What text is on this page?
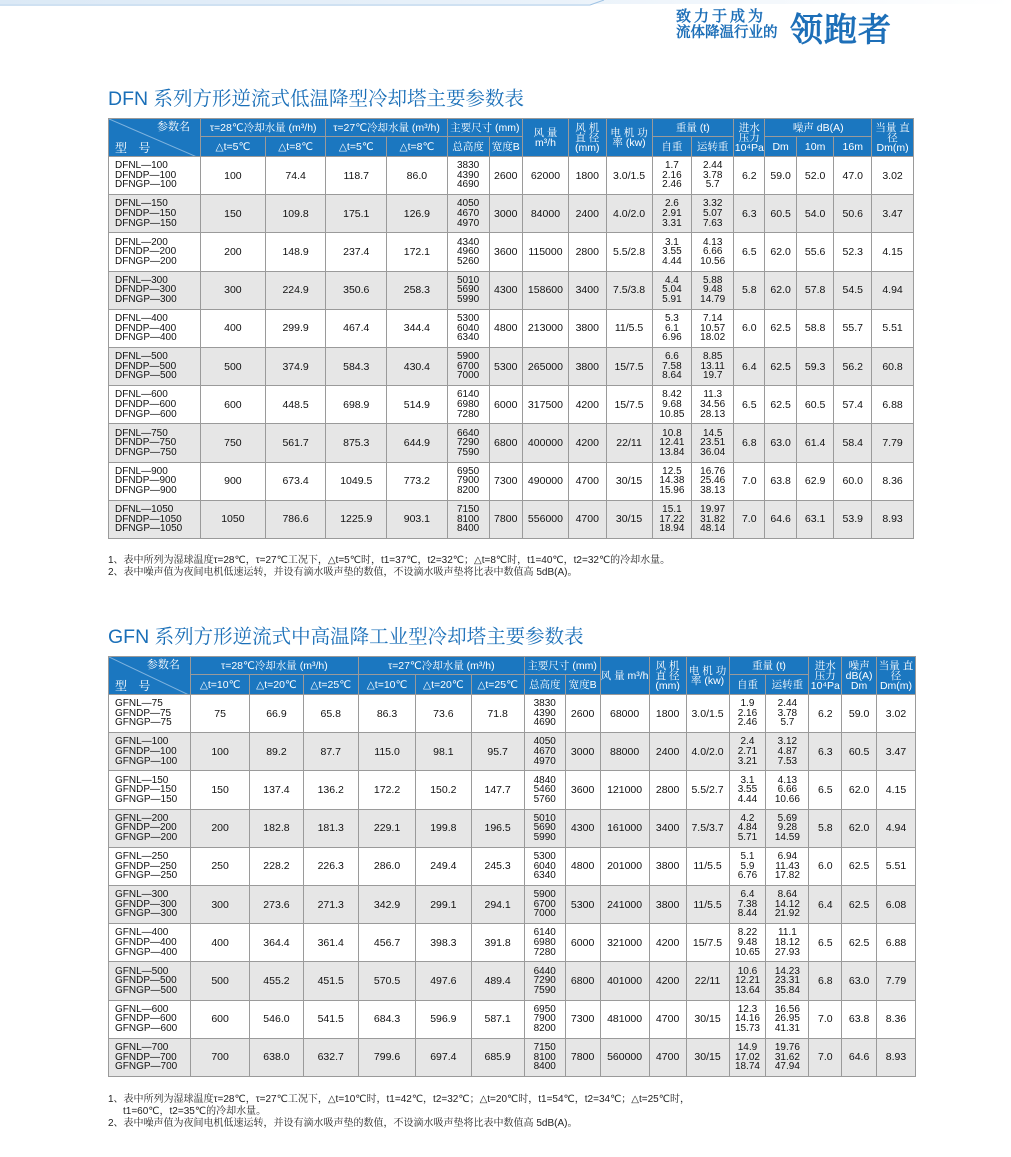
致力于成为
流体降温行业的 领跑者
DFN 系列方形逆流式低温降型冷却塔主要参数表
参数名
型 号	τ=28℃冷却水量 (m³/h)		τ=27℃冷却水量 (m³/h)		主要尺寸 (mm)		风 量 m³/h	风 机 直 径 (mm)	电 机 功 率 (kw)	重量 (t)		进水 压力 10⁴Pa	噪声 dB(A)			当量 直径 Dm(m)
	△t=5℃	△t=8℃	△t=5℃	△t=8℃	总高度	宽度B				自重	运转重		Dm	10m	16m	
DFNL—100
DFNDP—100
DFNGP—100	100	74.4	118.7	86.0	3830
4390
4690	2600	62000	1800	3.0/1.5	1.7
2.16
2.46	2.44
3.78
5.7	6.2	59.0	52.0	47.0	3.02
DFNL—150
DFNDP—150
DFNGP—150	150	109.8	175.1	126.9	4050
4670
4970	3000	84000	2400	4.0/2.0	2.6
2.91
3.31	3.32
5.07
7.63	6.3	60.5	54.0	50.6	3.47
DFNL—200
DFNDP—200
DFNGP—200	200	148.9	237.4	172.1	4340
4960
5260	3600	115000	2800	5.5/2.8	3.1
3.55
4.44	4.13
6.66
10.56	6.5	62.0	55.6	52.3	4.15
DFNL—300
DFNDP—300
DFNGP—300	300	224.9	350.6	258.3	5010
5690
5990	4300	158600	3400	7.5/3.8	4.4
5.04
5.91	5.88
9.48
14.79	5.8	62.0	57.8	54.5	4.94
DFNL—400
DFNDP—400
DFNGP—400	400	299.9	467.4	344.4	5300
6040
6340	4800	213000	3800	11/5.5	5.3
6.1
6.96	7.14
10.57
18.02	6.0	62.5	58.8	55.7	5.51
DFNL—500
DFNDP—500
DFNGP—500	500	374.9	584.3	430.4	5900
6700
7000	5300	265000	3800	15/7.5	6.6
7.58
8.64	8.85
13.11
19.7	6.4	62.5	59.3	56.2	60.8
DFNL—600
DFNDP—600
DFNGP—600	600	448.5	698.9	514.9	6140
6980
7280	6000	317500	4200	15/7.5	8.42
9.68
10.85	11.3
34.56
28.13	6.5	62.5	60.5	57.4	6.88
DFNL—750
DFNDP—750
DFNGP—750	750	561.7	875.3	644.9	6640
7290
7590	6800	400000	4200	22/11	10.8
12.41
13.84	14.5
23.51
36.04	6.8	63.0	61.4	58.4	7.79
DFNL—900
DFNDP—900
DFNGP—900	900	673.4	1049.5	773.2	6950
7900
8200	7300	490000	4700	30/15	12.5
14.38
15.96	16.76
25.46
38.13	7.0	63.8	62.9	60.0	8.36
DFNL—1050
DFNDP—1050
DFNGP—1050	1050	786.6	1225.9	903.1	7150
8100
8400	7800	556000	4700	30/15	15.1
17.22
18.94	19.97
31.82
48.14	7.0	64.6	63.1	53.9	8.93
1、表中所列为湿球温度τ=28℃，τ=27℃工况下，△t=5℃时，t1=37℃，t2=32℃；△t=8℃时，t1=40℃，t2=32℃的冷却水量。
2、表中噪声值为夜间电机低速运转，并设有滴水吸声垫的数值，不设滴水吸声垫将比表中数值高 5dB(A)。
GFN 系列方形逆流式中高温降工业型冷却塔主要参数表
参数名
型 号	τ=28℃冷却水量 (m³/h)			τ=27℃冷却水量 (m³/h)			主要尺寸 (mm)		风 量 m³/h	风 机 直 径 (mm)	电 机 功 率 (kw)	重量 (t)		进水 压力 10⁴Pa	噪声 dB(A) Dm	当量 直径 Dm(m)
	△t=10℃	△t=20℃	△t=25℃	△t=10℃	△t=20℃	△t=25℃	总高度	宽度B				自重	运转重			
GFNL—75
GFNDP—75
GFNGP—75	75	66.9	65.8	86.3	73.6	71.8	3830
4390
4690	2600	68000	1800	3.0/1.5	1.9
2.16
2.46	2.44
3.78
5.7	6.2	59.0	3.02
GFNL—100
GFNDP—100
GFNGP—100	100	89.2	87.7	115.0	98.1	95.7	4050
4670
4970	3000	88000	2400	4.0/2.0	2.4
2.71
3.21	3.12
4.87
7.53	6.3	60.5	3.47
GFNL—150
GFNDP—150
GFNGP—150	150	137.4	136.2	172.2	150.2	147.7	4840
5460
5760	3600	121000	2800	5.5/2.7	3.1
3.55
4.44	4.13
6.66
10.66	6.5	62.0	4.15
GFNL—200
GFNDP—200
GFNGP—200	200	182.8	181.3	229.1	199.8	196.5	5010
5690
5990	4300	161000	3400	7.5/3.7	4.2
4.84
5.71	5.69
9.28
14.59	5.8	62.0	4.94
GFNL—250
GFNDP—250
GFNGP—250	250	228.2	226.3	286.0	249.4	245.3	5300
6040
6340	4800	201000	3800	11/5.5	5.1
5.9
6.76	6.94
11.43
17.82	6.0	62.5	5.51
GFNL—300
GFNDP—300
GFNGP—300	300	273.6	271.3	342.9	299.1	294.1	5900
6700
7000	5300	241000	3800	11/5.5	6.4
7.38
8.44	8.64
14.12
21.92	6.4	62.5	6.08
GFNL—400
GFNDP—400
GFNGP—400	400	364.4	361.4	456.7	398.3	391.8	6140
6980
7280	6000	321000	4200	15/7.5	8.22
9.48
10.65	11.1
18.12
27.93	6.5	62.5	6.88
GFNL—500
GFNDP—500
GFNGP—500	500	455.2	451.5	570.5	497.6	489.4	6440
7290
7590	6800	401000	4200	22/11	10.6
12.21
13.64	14.23
23.31
35.84	6.8	63.0	7.79
GFNL—600
GFNDP—600
GFNGP—600	600	546.0	541.5	684.3	596.9	587.1	6950
7900
8200	7300	481000	4700	30/15	12.3
14.16
15.73	16.56
26.95
41.31	7.0	63.8	8.36
GFNL—700
GFNDP—700
GFNGP—700	700	638.0	632.7	799.6	697.4	685.9	7150
8100
8400	7800	560000	4700	30/15	14.9
17.02
18.74	19.76
31.62
47.94	7.0	64.6	8.93
1、表中所列为湿球温度τ=28℃，τ=27℃工况下，△t=10℃时，t1=42℃，t2=32℃；△t=20℃时，t1=54℃，t2=34℃；△t=25℃时，
t1=60℃，t2=35℃的冷却水量。
2、表中噪声值为夜间电机低速运转，并设有滴水吸声垫的数值，不设滴水吸声垫将比表中数值高 5dB(A)。
